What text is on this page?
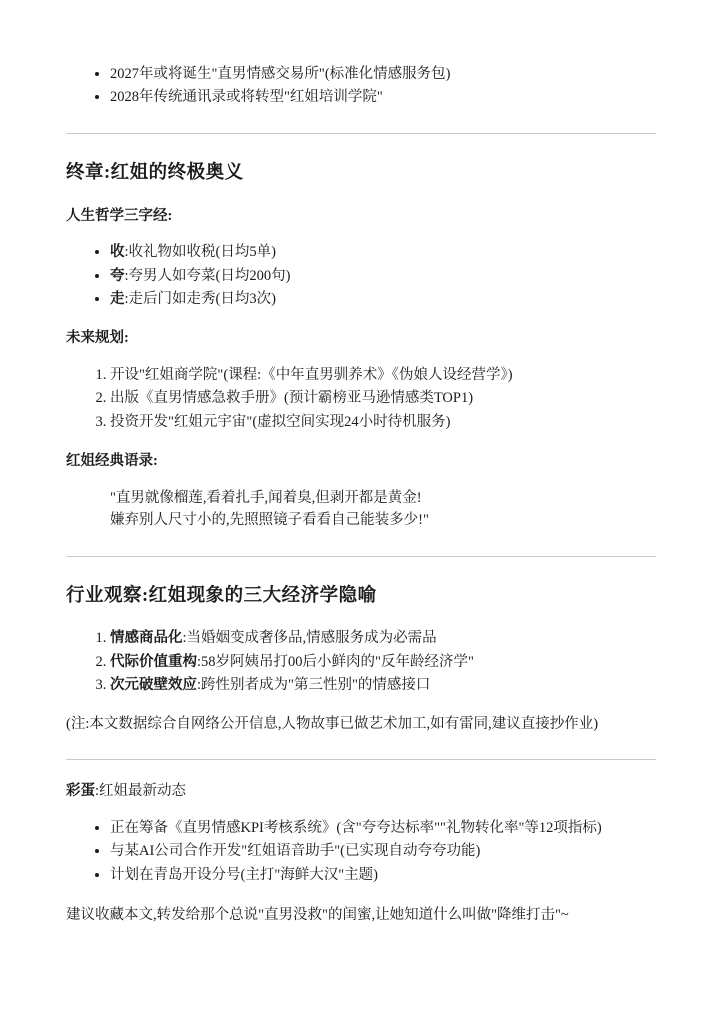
• 2027年或将诞生"直男情感交易所"(标准化情感服务包)
• 2028年传统通讯录或将转型"红姐培训学院"
终章:红姐的终极奥义

人生哲学三字经:

• 收:收礼物如收税(日均5单)
• 夸:夸男人如夸菜(日均200句)
• 走:走后门如走秀(日均3次)

未来规划:

1. 开设"红姐商学院"(课程:《中年直男驯养术》《伪娘人设经营学》)
2. 出版《直男情感急救手册》(预计霸榜亚马逊情感类TOP1)
3. 投资开发"红姐元宇宙"(虚拟空间实现24小时待机服务)

红姐经典语录:

"直男就像榴莲,看着扎手,闻着臭,但剥开都是黄金!
嫌弃别人尺寸小的,先照照镜子看看自己能装多少!"
行业观察:红姐现象的三大经济学隐喻
1. 情感商品化:当婚姻变成奢侈品,情感服务成为必需品
2. 代际价值重构:58岁阿姨吊打00后小鲜肉的"反年龄经济学"
3. 次元破壁效应:跨性别者成为"第三性别"的情感接口

(注:本文数据综合自网络公开信息,人物故事已做艺术加工,如有雷同,建议直接抄作业)

彩蛋:红姐最新动态

• 正在筹备《直男情感KPI考核系统》(含"夸夸达标率""礼物转化率"等12项指标)
• 与某AI公司合作开发"红姐语音助手"(已实现自动夸夸功能)
• 计划在青岛开设分号(主打"海鲜大汉"主题)

建议收藏本文,转发给那个总说"直男没救"的闺蜜,让她知道什么叫做"降维打击"~
